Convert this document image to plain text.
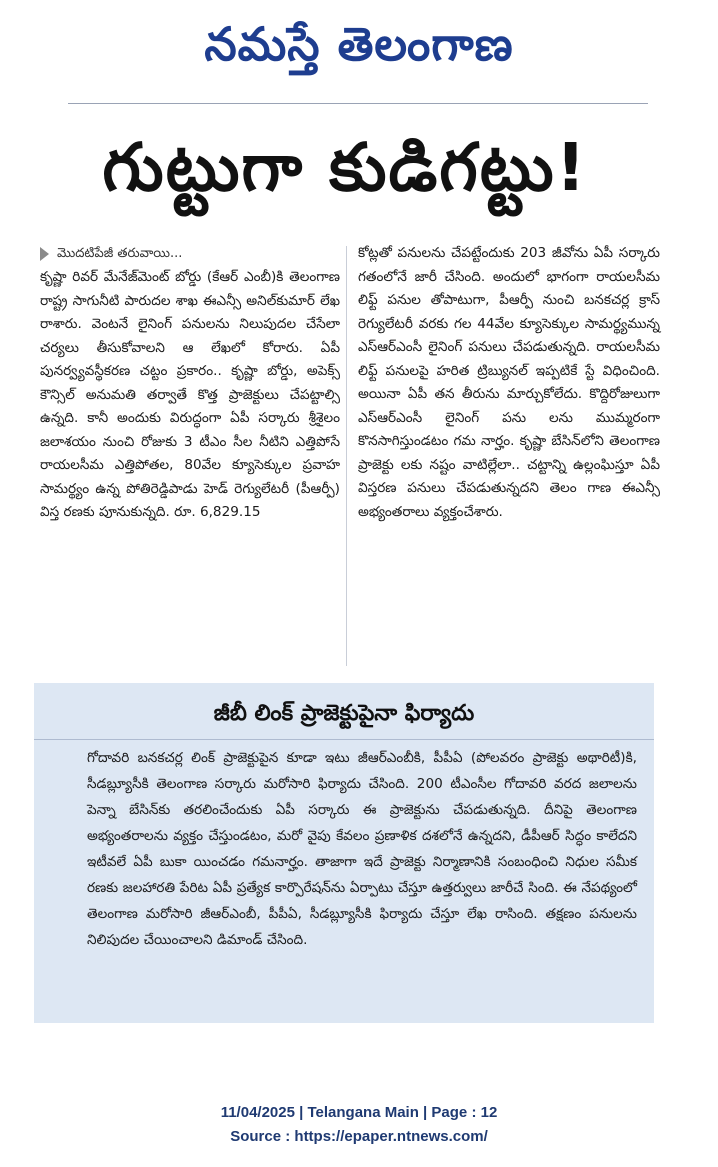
నమస్తే తెలంగాణ
గుట్టుగా కుడిగట్టు!
మొదటిపేజీ తరువాయి...

కృష్ణా రివర్ మేనేజ్‌మెంట్ బోర్డు (కేఆర్ ఎంబీ)కి తెలంగాణ రాష్ట్ర సాగునీటి పారుదల శాఖ ఈఎన్సీ అనిల్‌కుమార్ లేఖ రాశారు. వెంటనే లైనింగ్ పనులను నిలుపుదల చేసేలా చర్యలు తీసుకోవాలని ఆ లేఖలో కోరారు. ఏపీ పునర్వ్యవస్థీకరణ చట్టం ప్రకారం.. కృష్ణా బోర్డు, అపెక్స్ కౌన్సిల్ అనుమతి తర్వాతే కొత్త ప్రాజెక్టులు చేపట్టాల్సి ఉన్నది. కానీ అందుకు విరుద్ధంగా ఏపీ సర్కారు శ్రీశైలం జలాశయం నుంచి రోజుకు 3 టీఎం సీల నీటిని ఎత్తిపోసే రాయలసీమ ఎత్తిపోతల, 80వేల క్యూసెక్కుల ప్రవాహ సామర్థ్యం ఉన్న పోతిరెడ్డిపాడు హెడ్ రెగ్యులేటరీ (పీఆర్పీ) విస్త రణకు పూనుకున్నది. రూ. 6,829.15

కోట్లతో పనులను చేపట్టేందుకు 203 జీవోను ఏపీ సర్కారు గతంలోనే జారీ చేసింది. అందులో భాగంగా రాయలసీమ లిఫ్ట్ పనుల తోపాటుగా, పీఆర్పీ నుంచి బనకచర్ల క్రాస్ రెగ్యులేటరీ వరకు గల 44వేల క్యూసెక్కుల సామర్థ్యమున్న ఎస్ఆర్ఎంసీ లైనింగ్ పనులు చేపడుతున్నది. రాయలసీమ లిఫ్ట్ పనులపై హరిత ట్రిబ్యునల్ ఇప్పటికే స్టే విధించింది. అయినా ఏపీ తన తీరును మార్చుకోలేదు. కొద్దిరోజులుగా ఎస్ఆర్ఎంసీ లైనింగ్ పను లను ముమ్మరంగా కొనసాగిస్తుండటం గమ నార్హం. కృష్ణా బేసిన్‌లోని తెలంగాణ ప్రాజెక్టు లకు నష్టం వాటిల్లేలా.. చట్టాన్ని ఉల్లంఘిస్తూ ఏపీ విస్తరణ పనులు చేపడుతున్నదని తెలం గాణ ఈఎన్సీ అభ్యంతరాలు వ్యక్తంచేశారు.

జీబీ లింక్ ప్రాజెక్టుపైనా ఫిర్యాదు

గోదావరి బనకచర్ల లింక్ ప్రాజెక్టుపైన కూడా ఇటు జీఆర్ఎంబీకి, పీపీఏ (పోలవరం ప్రాజెక్టు అథారిటీ)కి, సీడబ్ల్యూసీకి తెలంగాణ సర్కారు మరోసారి ఫిర్యాదు చేసింది. 200 టీఎంసీల గోదావరి వరద జలాలను పెన్నా బేసిన్‌కు తరలించేందుకు ఏపీ సర్కారు ఈ ప్రాజెక్టును చేపడుతున్నది. దీనిపై తెలంగాణ అభ్యంతరాలను వ్యక్తం చేస్తుండటం, మరో వైపు కేవలం ప్రణాళిక దశలోనే ఉన్నదని, డీపీఆర్ సిద్ధం కాలేదని ఇటీవలే ఏపీ బుకా యించడం గమనార్హం. తాజాగా ఇదే ప్రాజెక్టు నిర్మాణానికి సంబంధించి నిధుల సమీక రణకు జలహారతి పేరిట ఏపీ ప్రత్యేక కార్పొరేషన్‌ను ఏర్పాటు చేస్తూ ఉత్తర్వులు జారీచే సింది. ఈ నేపథ్యంలో తెలంగాణ మరోసారి జీఆర్ఎంబీ, పీపీఏ, సీడబ్ల్యూసీకి ఫిర్యాదు చేస్తూ లేఖ రాసింది. తక్షణం పనులను నిలిపుదల చేయించాలని డిమాండ్ చేసింది.

11/04/2025 | Telangana Main | Page : 12
Source : https://epaper.ntnews.com/
